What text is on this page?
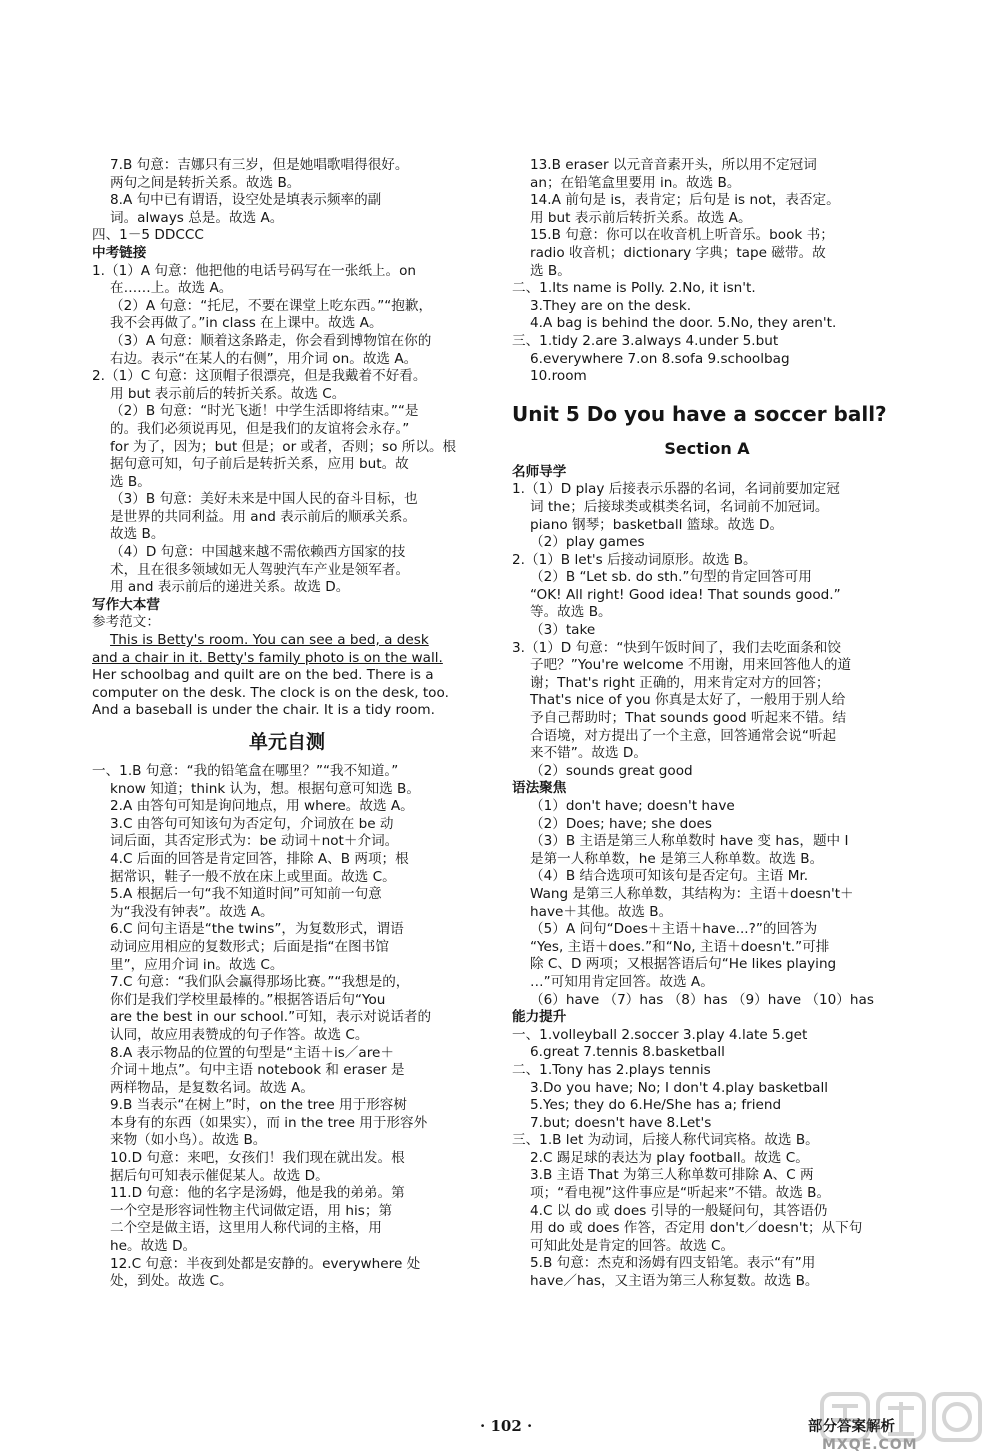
7.B 句意：吉娜只有三岁，但是她唱歌唱得很好。
两句之间是转折关系。故选 B。
8.A 句中已有谓语，设空处是填表示频率的副
词。always 总是。故选 A。
四、1－5 DDCCC
中考链接
1.（1）A 句意：他把他的电话号码写在一张纸上。on
在……上。故选 A。
（2）A 句意：“托尼，不要在课堂上吃东西。”“抱歉，
我不会再做了。”in class 在上课中。故选 A。
（3）A 句意：顺着这条路走，你会看到博物馆在你的
右边。表示“在某人的右侧”，用介词 on。故选 A。
2.（1）C 句意：这顶帽子很漂亮，但是我戴着不好看。
用 but 表示前后的转折关系。故选 C。
（2）B 句意：“时光飞逝！中学生活即将结束。”“是
的。我们必须说再见，但是我们的友谊将会永存。”
for 为了，因为；but 但是；or 或者，否则；so 所以。根
据句意可知，句子前后是转折关系，应用 but。故
选 B。
（3）B 句意：美好未来是中国人民的奋斗目标，也
是世界的共同利益。用 and 表示前后的顺承关系。
故选 B。
（4）D 句意：中国越来越不需依赖西方国家的技
术，且在很多领域如无人驾驶汽车产业是领军者。
用 and 表示前后的递进关系。故选 D。
写作大本营
参考范文：
This is Betty's room. You can see a bed, a desk
and a chair in it. Betty's family photo is on the wall.
Her schoolbag and quilt are on the bed. There is a
computer on the desk. The clock is on the desk, too.
And a baseball is under the chair. It is a tidy room.
单元自测
一、1.B 句意：“我的铅笔盒在哪里？”“我不知道。”
know 知道；think 认为，想。根据句意可知选 B。
2.A 由答句可知是询问地点，用 where。故选 A。
3.C 由答句可知该句为否定句，介词放在 be 动
词后面，其否定形式为：be 动词＋not＋介词。
4.C 后面的回答是肯定回答，排除 A、B 两项；根
据常识，鞋子一般不放在床上或里面。故选 C。
5.A 根据后一句“我不知道时间”可知前一句意
为“我没有钟表”。故选 A。
6.C 问句主语是“the twins”，为复数形式，谓语
动词应用相应的复数形式；后面是指“在图书馆
里”，应用介词 in。故选 C。
7.C 句意：“我们队会赢得那场比赛。”“我想是的，
你们是我们学校里最棒的。”根据答语后句“You
are the best in our school.”可知，表示对说话者的
认同，故应用表赞成的句子作答。故选 C。
8.A 表示物品的位置的句型是“主语＋is／are＋
介词＋地点”。句中主语 notebook 和 eraser 是
两样物品，是复数名词。故选 A。
9.B 当表示“在树上”时，on the tree 用于形容树
本身有的东西（如果实），而 in the tree 用于形容外
来物（如小鸟）。故选 B。
10.D 句意：来吧，女孩们！我们现在就出发。根
据后句可知表示催促某人。故选 D。
11.D 句意：他的名字是汤姆，他是我的弟弟。第
一个空是形容词性物主代词做定语，用 his；第
二个空是做主语，这里用人称代词的主格，用
he。故选 D。
12.C 句意：半夜到处都是安静的。everywhere 处
处，到处。故选 C。
13.B eraser 以元音音素开头，所以用不定冠词
an；在铅笔盒里要用 in。故选 B。
14.A 前句是 is，表肯定；后句是 is not，表否定。
用 but 表示前后转折关系。故选 A。
15.B 句意：你可以在收音机上听音乐。book 书；
radio 收音机；dictionary 字典；tape 磁带。故
选 B。
二、1.Its name is Polly. 2.No, it isn't.
3.They are on the desk.
4.A bag is behind the door. 5.No, they aren't.
三、1.tidy 2.are 3.always 4.under 5.but
6.everywhere 7.on 8.sofa 9.schoolbag
10.room
Unit 5 Do you have a soccer ball?
Section A
名师导学
1.（1）D play 后接表示乐器的名词，名词前要加定冠
词 the；后接球类或棋类名词，名词前不加冠词。
piano 钢琴；basketball 篮球。故选 D。
（2）play games
2.（1）B let's 后接动词原形。故选 B。
（2）B “Let sb. do sth.”句型的肯定回答可用
“OK! All right! Good idea! That sounds good.”
等。故选 B。
（3）take
3.（1）D 句意：“快到午饭时间了，我们去吃面条和饺
子吧？”You're welcome 不用谢，用来回答他人的道
谢；That's right 正确的，用来肯定对方的回答；
That's nice of you 你真是太好了，一般用于别人给
予自己帮助时；That sounds good 听起来不错。结
合语境，对方提出了一个主意，回答通常会说“听起
来不错”。故选 D。
（2）sounds great good
语法聚焦
（1）don't have; doesn't have
（2）Does; have; she does
（3）B 主语是第三人称单数时 have 变 has，题中 I
是第一人称单数，he 是第三人称单数。故选 B。
（4）B 结合选项可知该句是否定句。主语 Mr.
Wang 是第三人称单数，其结构为：主语＋doesn't＋
have＋其他。故选 B。
（5）A 问句“Does＋主语＋have...?”的回答为
“Yes, 主语＋does.”和“No, 主语＋doesn't.”可排
除 C、D 两项；又根据答语后句“He likes playing
…”可知用肯定回答。故选 A。
（6）have （7）has （8）has （9）have （10）has
能力提升
一、1.volleyball 2.soccer 3.play 4.late 5.get
6.great 7.tennis 8.basketball
二、1.Tony has 2.plays tennis
3.Do you have; No; I don't 4.play basketball
5.Yes; they do 6.He/She has a; friend
7.but; doesn't have 8.Let's
三、1.B let 为动词，后接人称代词宾格。故选 B。
2.C 踢足球的表达为 play football。故选 C。
3.B 主语 That 为第三人称单数可排除 A、C 两
项；“看电视”这件事应是“听起来”不错。故选 B。
4.C 以 do 或 does 引导的一般疑问句，其答语仍
用 do 或 does 作答，否定用 don't／doesn't；从下句
可知此处是肯定的回答。故选 C。
5.B 句意：杰克和汤姆有四支铅笔。表示“有”用
have／has，又主语为第三人称复数。故选 B。
· 102 ·	部分答案解析
MXQE.COM
